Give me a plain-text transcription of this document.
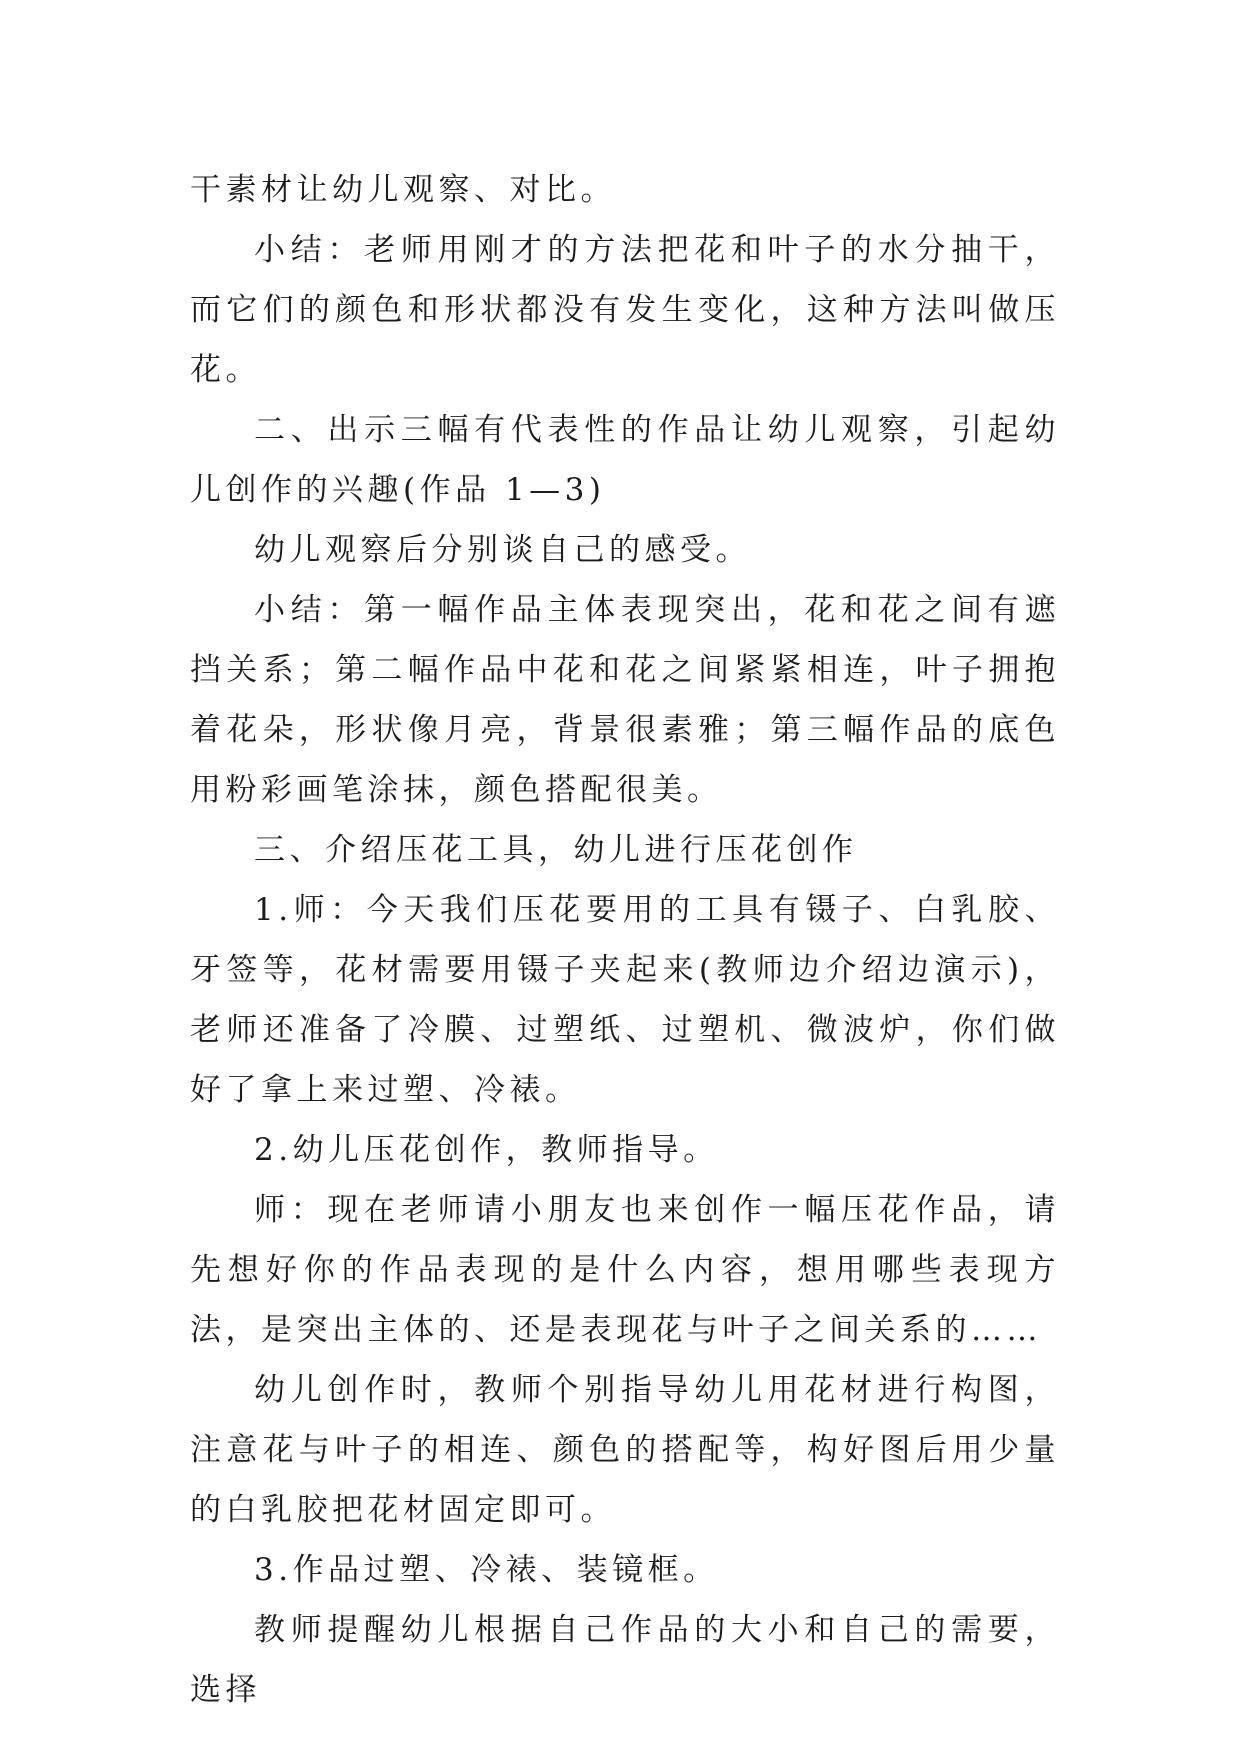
干素材让幼儿观察、对比。

小结：老师用刚才的方法把花和叶子的水分抽干，而它们的颜色和形状都没有发生变化，这种方法叫做压花。

二、出示三幅有代表性的作品让幼儿观察，引起幼儿创作的兴趣(作品 1—3)

幼儿观察后分别谈自己的感受。

小结：第一幅作品主体表现突出，花和花之间有遮挡关系；第二幅作品中花和花之间紧紧相连，叶子拥抱着花朵，形状像月亮，背景很素雅；第三幅作品的底色用粉彩画笔涂抹，颜色搭配很美。

三、介绍压花工具，幼儿进行压花创作

1.师：今天我们压花要用的工具有镊子、白乳胶、牙签等，花材需要用镊子夹起来(教师边介绍边演示)，老师还准备了冷膜、过塑纸、过塑机、微波炉，你们做好了拿上来过塑、冷裱。

2.幼儿压花创作，教师指导。

师：现在老师请小朋友也来创作一幅压花作品，请先想好你的作品表现的是什么内容，想用哪些表现方法，是突出主体的、还是表现花与叶子之间关系的……

幼儿创作时，教师个别指导幼儿用花材进行构图，注意花与叶子的相连、颜色的搭配等，构好图后用少量的白乳胶把花材固定即可。

3.作品过塑、冷裱、装镜框。

教师提醒幼儿根据自己作品的大小和自己的需要，选择
